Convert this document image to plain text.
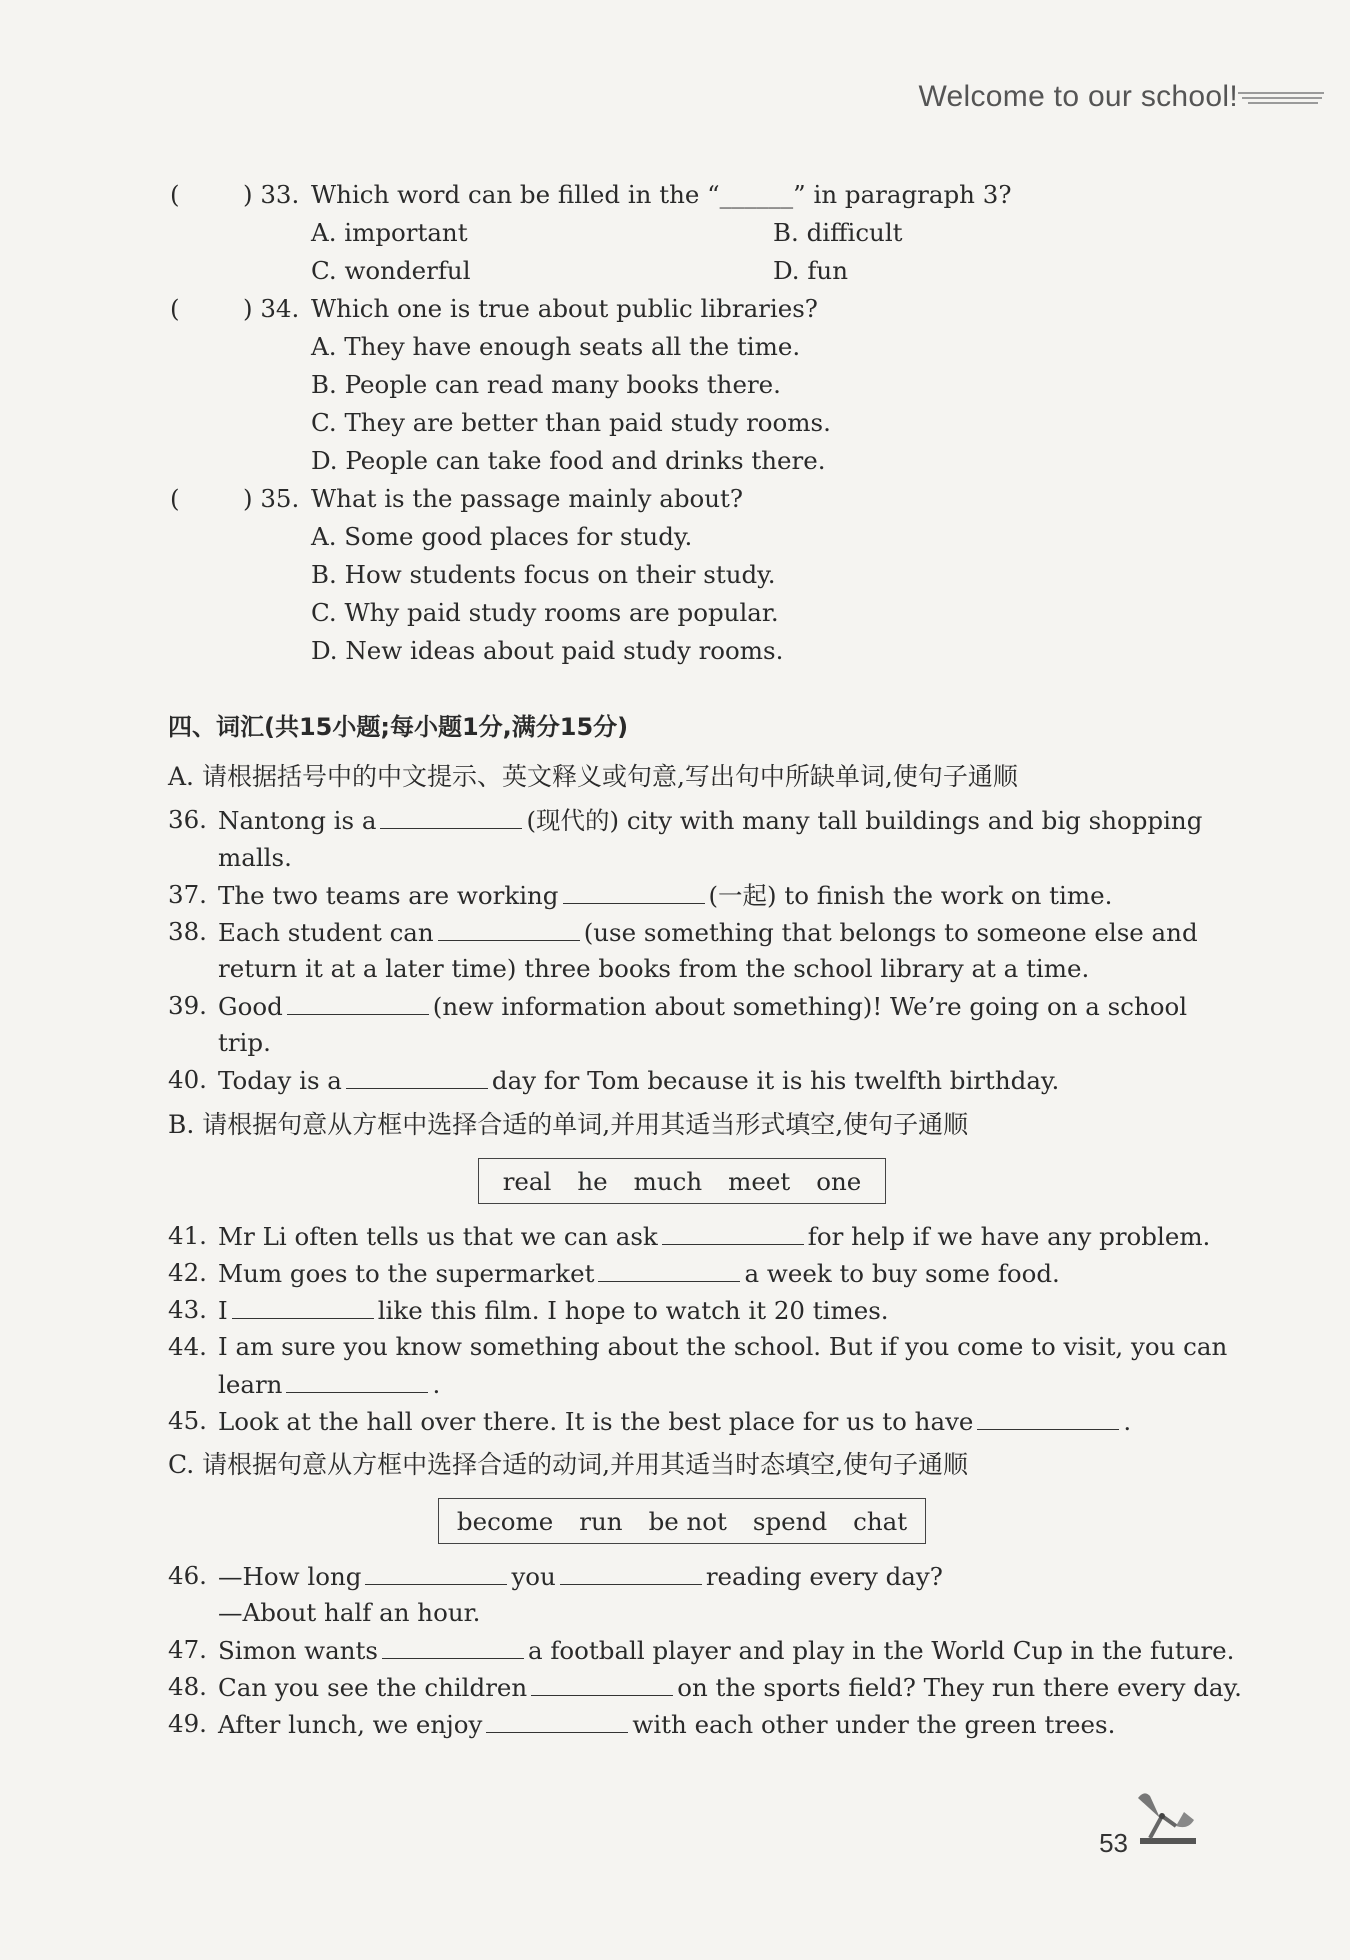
Welcome to our school!
(	) 33. Which word can be filled in the “______” in paragraph 3?
A. important	B. difficult
C. wonderful	D. fun
(	) 34. Which one is true about public libraries?
A. They have enough seats all the time.
B. People can read many books there.
C. They are better than paid study rooms.
D. People can take food and drinks there.
(	) 35. What is the passage mainly about?
A. Some good places for study.
B. How students focus on their study.
C. Why paid study rooms are popular.
D. New ideas about paid study rooms.
四、词汇(共15小题;每小题1分,满分15分)
A. 请根据括号中的中文提示、英文释义或句意,写出句中所缺单词,使句子通顺
36. Nantong is a	(现代的) city with many tall buildings and big shopping
malls.
37. The two teams are working	(一起) to finish the work on time.
38. Each student can	(use something that belongs to someone else and
return it at a later time) three books from the school library at a time.
39. Good	(new information about something)! We’re going on a school
trip.
40. Today is a	day for Tom because it is his twelfth birthday.
B. 请根据句意从方框中选择合适的单词,并用其适当形式填空,使句子通顺
real he much meet one
41. Mr Li often tells us that we can ask	for help if we have any problem.
42. Mum goes to the supermarket	a week to buy some food.
43. I	like this film. I hope to watch it 20 times.
44. I am sure you know something about the school. But if you come to visit, you can
learn	.
45. Look at the hall over there. It is the best place for us to have	.
C. 请根据句意从方框中选择合适的动词,并用其适当时态填空,使句子通顺
become run be not spend chat
46. —How long	you	reading every day?
—About half an hour.
47. Simon wants	a football player and play in the World Cup in the future.
48. Can you see the children	on the sports field? They run there every day.
49. After lunch, we enjoy	with each other under the green trees.
53
